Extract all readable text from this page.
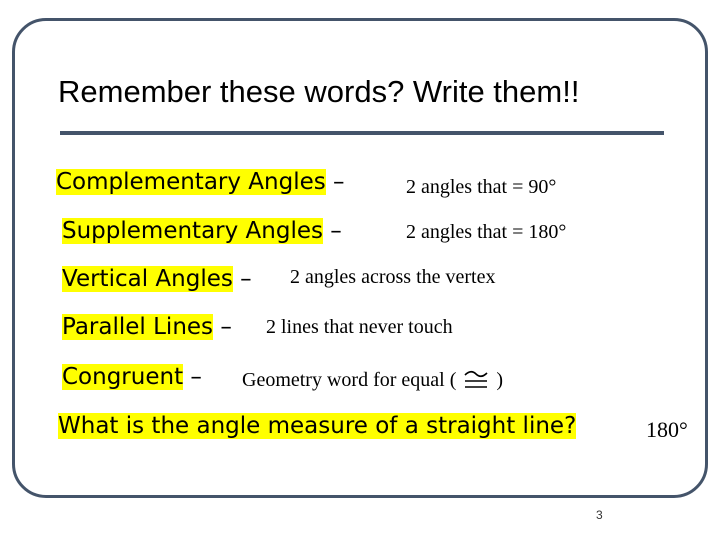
Remember these words? Write them!!
Complementary Angles –	2 angles that = 90°
Supplementary Angles –	2 angles that = 180°
Vertical Angles – 2 angles across the vertex
Parallel Lines – 2 lines that never touch
Congruent – Geometry word for equal ( )
What is the angle measure of a straight line?	180°
3
